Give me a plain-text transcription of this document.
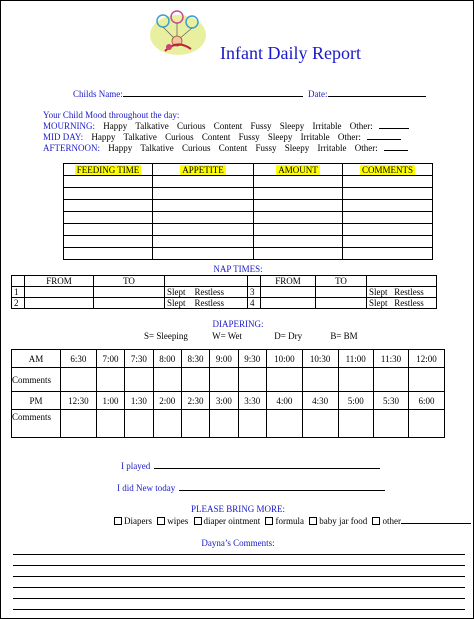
Infant Daily Report
Childs Name:	Date:
Your Child Mood throughout the day:
MOURNING: Happy Talkative Curious Content Fussy Sleepy Irritable Other:
MID DAY: Happy Talkative Curious Content Fussy Sleepy Irritable Other:
AFTERNOON: Happy Talkative Curious Content Fussy Sleepy Irritable Other:
FEEDING TIME	APPETITE	AMOUNT	COMMENTS

NAP TIMES:
	FROM	TO			FROM	TO	
1			Slept Restless	3			Slept Restless
2			Slept Restless	4			Slept Restless
DIAPERING:
S= Sleeping	W= Wet	D= Dry	B= BM
AM	6:30	7:00	7:30	8:00	8:30	9:00	9:30	10:00	10:30	11:00	11:30	12:00
Comments												
PM	12:30	1:00	1:30	2:00	2:30	3:00	3:30	4:00	4:30	5:00	5:30	6:00
Comments												
I played
I did New today
PLEASE BRING MORE:
Diapers wipes diaper ointment formula baby jar food other
Dayna’s Comments:
